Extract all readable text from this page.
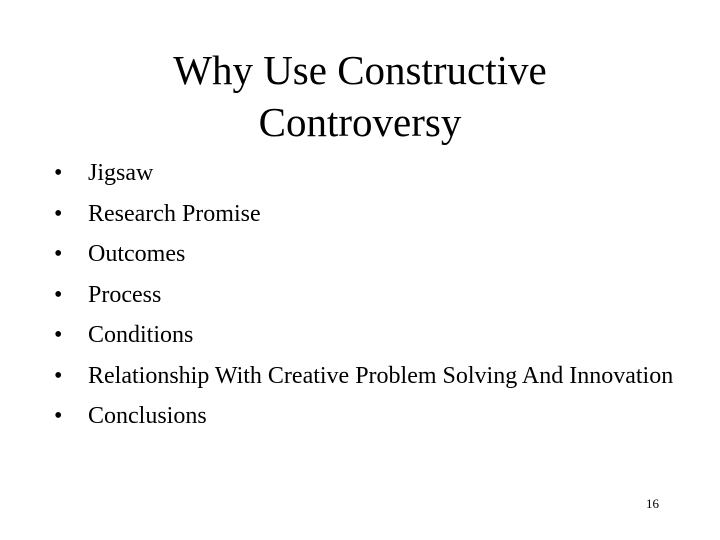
Why Use Constructive
Controversy
•	Jigsaw
•	Research Promise
•	Outcomes
•	Process
•	Conditions
•	Relationship With Creative Problem Solving And Innovation
•	Conclusions
16
